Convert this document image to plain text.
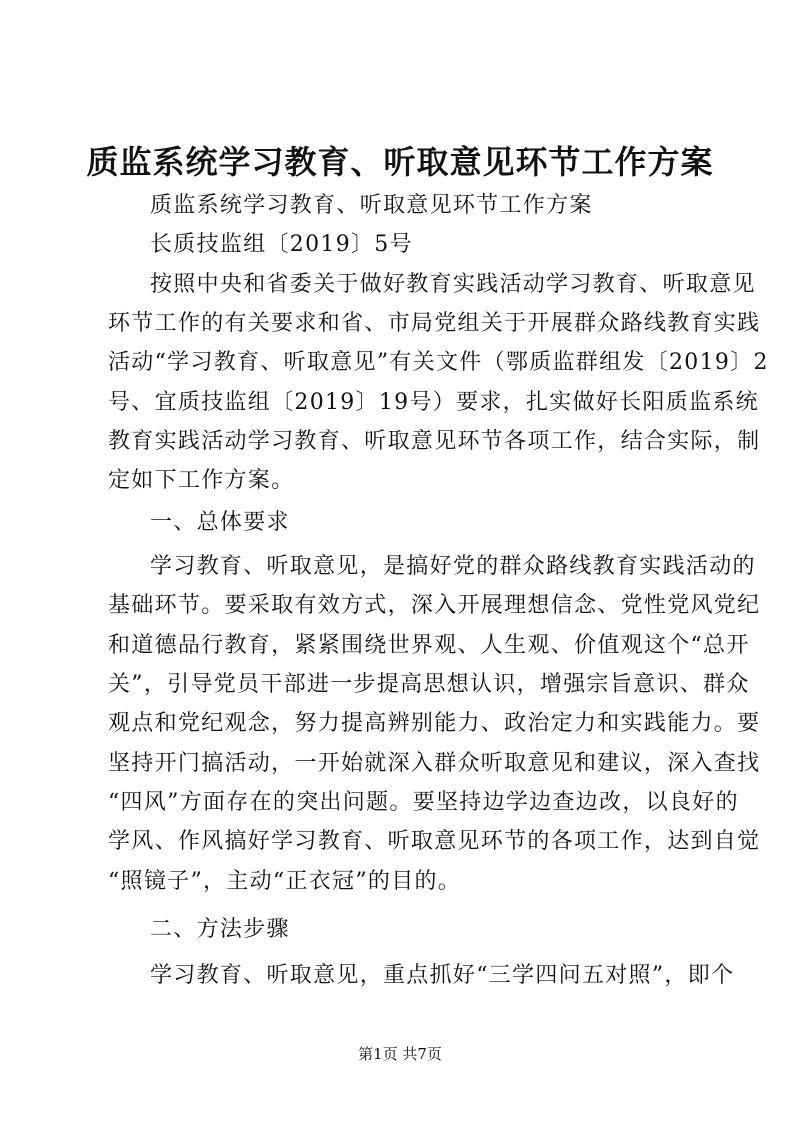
质监系统学习教育、听取意见环节工作方案
质监系统学习教育、听取意见环节工作方案
长质技监组〔2019〕5号
按照中央和省委关于做好教育实践活动学习教育、听取意见
环节工作的有关要求和省、市局党组关于开展群众路线教育实践
活动“学习教育、听取意见”有关文件（鄂质监群组发〔2019〕2
号、宜质技监组〔2019〕19号）要求，扎实做好长阳质监系统
教育实践活动学习教育、听取意见环节各项工作，结合实际，制
定如下工作方案。
一、总体要求
学习教育、听取意见，是搞好党的群众路线教育实践活动的
基础环节。要采取有效方式，深入开展理想信念、党性党风党纪
和道德品行教育，紧紧围绕世界观、人生观、价值观这个“总开
关”，引导党员干部进一步提高思想认识，增强宗旨意识、群众
观点和党纪观念，努力提高辨别能力、政治定力和实践能力。要
坚持开门搞活动，一开始就深入群众听取意见和建议，深入查找
“四风”方面存在的突出问题。要坚持边学边查边改，以良好的
学风、作风搞好学习教育、听取意见环节的各项工作，达到自觉
“照镜子”，主动“正衣冠”的目的。
二、方法步骤
学习教育、听取意见，重点抓好“三学四问五对照”，即个
第1页 共7页
